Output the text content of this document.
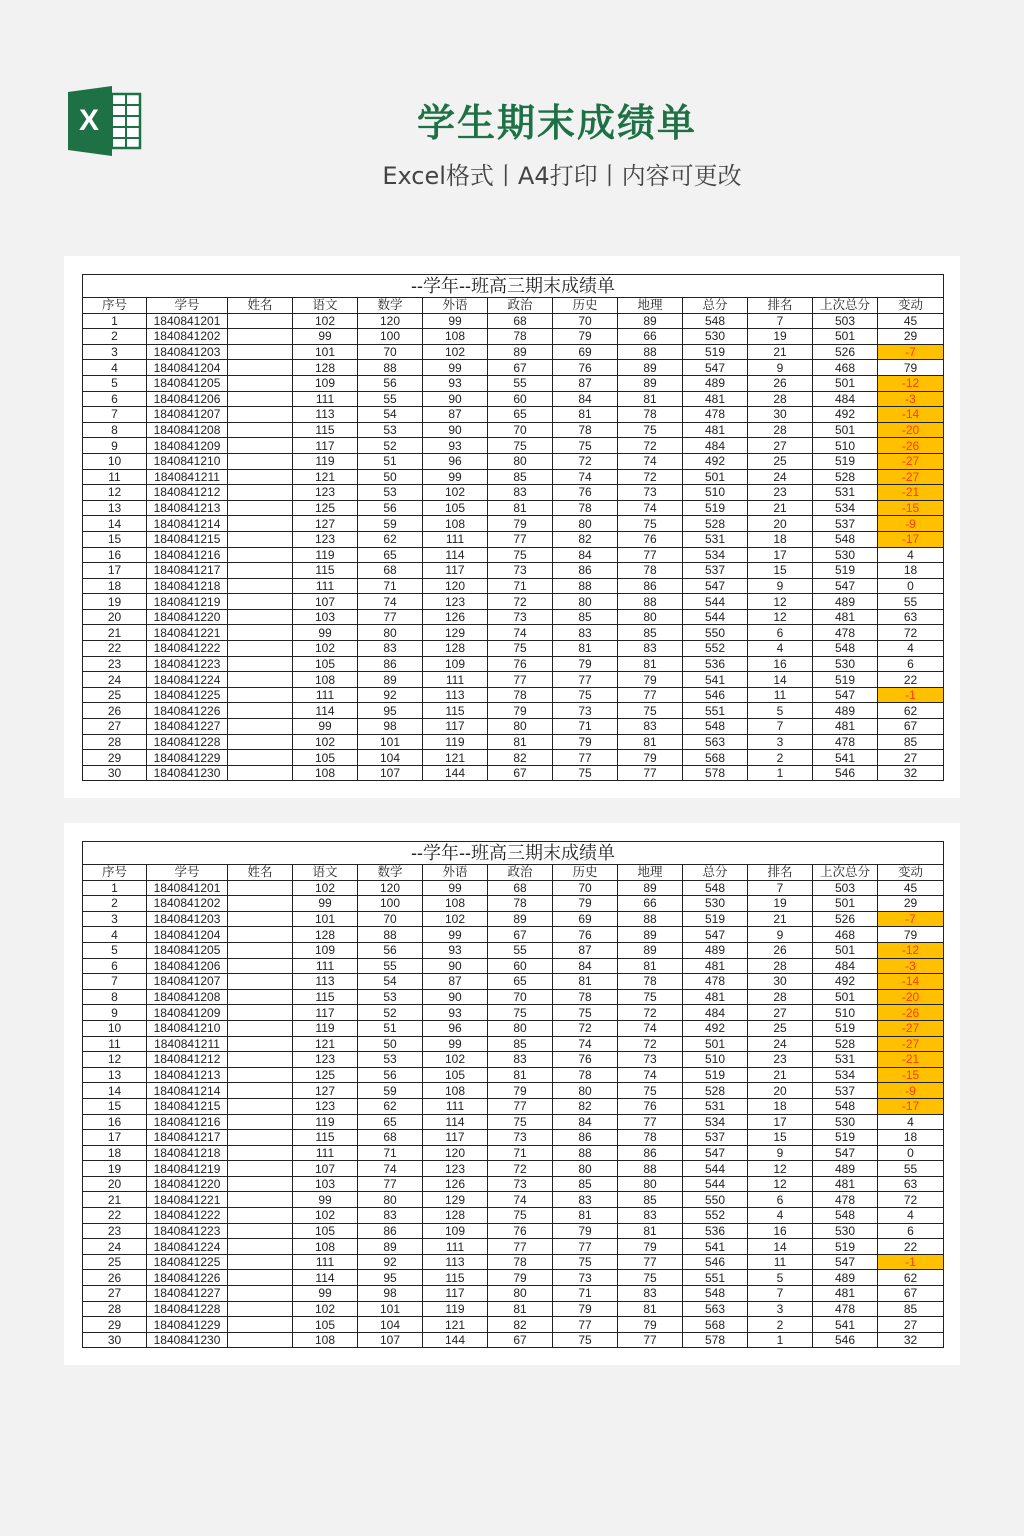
X	学生期末成绩单
Excel格式丨A4打印丨内容可更改
--学年--班高三期末成绩单												
序号	学号	姓名	语文	数学	外语	政治	历史	地理	总分	排名	上次总分	变动
1	1840841201		102	120	99	68	70	89	548	7	503	45
2	1840841202		99	100	108	78	79	66	530	19	501	29
3	1840841203		101	70	102	89	69	88	519	21	526	-7
4	1840841204		128	88	99	67	76	89	547	9	468	79
5	1840841205		109	56	93	55	87	89	489	26	501	-12
6	1840841206		111	55	90	60	84	81	481	28	484	-3
7	1840841207		113	54	87	65	81	78	478	30	492	-14
8	1840841208		115	53	90	70	78	75	481	28	501	-20
9	1840841209		117	52	93	75	75	72	484	27	510	-26
10	1840841210		119	51	96	80	72	74	492	25	519	-27
11	1840841211		121	50	99	85	74	72	501	24	528	-27
12	1840841212		123	53	102	83	76	73	510	23	531	-21
13	1840841213		125	56	105	81	78	74	519	21	534	-15
14	1840841214		127	59	108	79	80	75	528	20	537	-9
15	1840841215		123	62	111	77	82	76	531	18	548	-17
16	1840841216		119	65	114	75	84	77	534	17	530	4
17	1840841217		115	68	117	73	86	78	537	15	519	18
18	1840841218		111	71	120	71	88	86	547	9	547	0
19	1840841219		107	74	123	72	80	88	544	12	489	55
20	1840841220		103	77	126	73	85	80	544	12	481	63
21	1840841221		99	80	129	74	83	85	550	6	478	72
22	1840841222		102	83	128	75	81	83	552	4	548	4
23	1840841223		105	86	109	76	79	81	536	16	530	6
24	1840841224		108	89	111	77	77	79	541	14	519	22
25	1840841225		111	92	113	78	75	77	546	11	547	-1
26	1840841226		114	95	115	79	73	75	551	5	489	62
27	1840841227		99	98	117	80	71	83	548	7	481	67
28	1840841228		102	101	119	81	79	81	563	3	478	85
29	1840841229		105	104	121	82	77	79	568	2	541	27
30	1840841230		108	107	144	67	75	77	578	1	546	32
--学年--班高三期末成绩单												
序号	学号	姓名	语文	数学	外语	政治	历史	地理	总分	排名	上次总分	变动
1	1840841201		102	120	99	68	70	89	548	7	503	45
2	1840841202		99	100	108	78	79	66	530	19	501	29
3	1840841203		101	70	102	89	69	88	519	21	526	-7
4	1840841204		128	88	99	67	76	89	547	9	468	79
5	1840841205		109	56	93	55	87	89	489	26	501	-12
6	1840841206		111	55	90	60	84	81	481	28	484	-3
7	1840841207		113	54	87	65	81	78	478	30	492	-14
8	1840841208		115	53	90	70	78	75	481	28	501	-20
9	1840841209		117	52	93	75	75	72	484	27	510	-26
10	1840841210		119	51	96	80	72	74	492	25	519	-27
11	1840841211		121	50	99	85	74	72	501	24	528	-27
12	1840841212		123	53	102	83	76	73	510	23	531	-21
13	1840841213		125	56	105	81	78	74	519	21	534	-15
14	1840841214		127	59	108	79	80	75	528	20	537	-9
15	1840841215		123	62	111	77	82	76	531	18	548	-17
16	1840841216		119	65	114	75	84	77	534	17	530	4
17	1840841217		115	68	117	73	86	78	537	15	519	18
18	1840841218		111	71	120	71	88	86	547	9	547	0
19	1840841219		107	74	123	72	80	88	544	12	489	55
20	1840841220		103	77	126	73	85	80	544	12	481	63
21	1840841221		99	80	129	74	83	85	550	6	478	72
22	1840841222		102	83	128	75	81	83	552	4	548	4
23	1840841223		105	86	109	76	79	81	536	16	530	6
24	1840841224		108	89	111	77	77	79	541	14	519	22
25	1840841225		111	92	113	78	75	77	546	11	547	-1
26	1840841226		114	95	115	79	73	75	551	5	489	62
27	1840841227		99	98	117	80	71	83	548	7	481	67
28	1840841228		102	101	119	81	79	81	563	3	478	85
29	1840841229		105	104	121	82	77	79	568	2	541	27
30	1840841230		108	107	144	67	75	77	578	1	546	32
